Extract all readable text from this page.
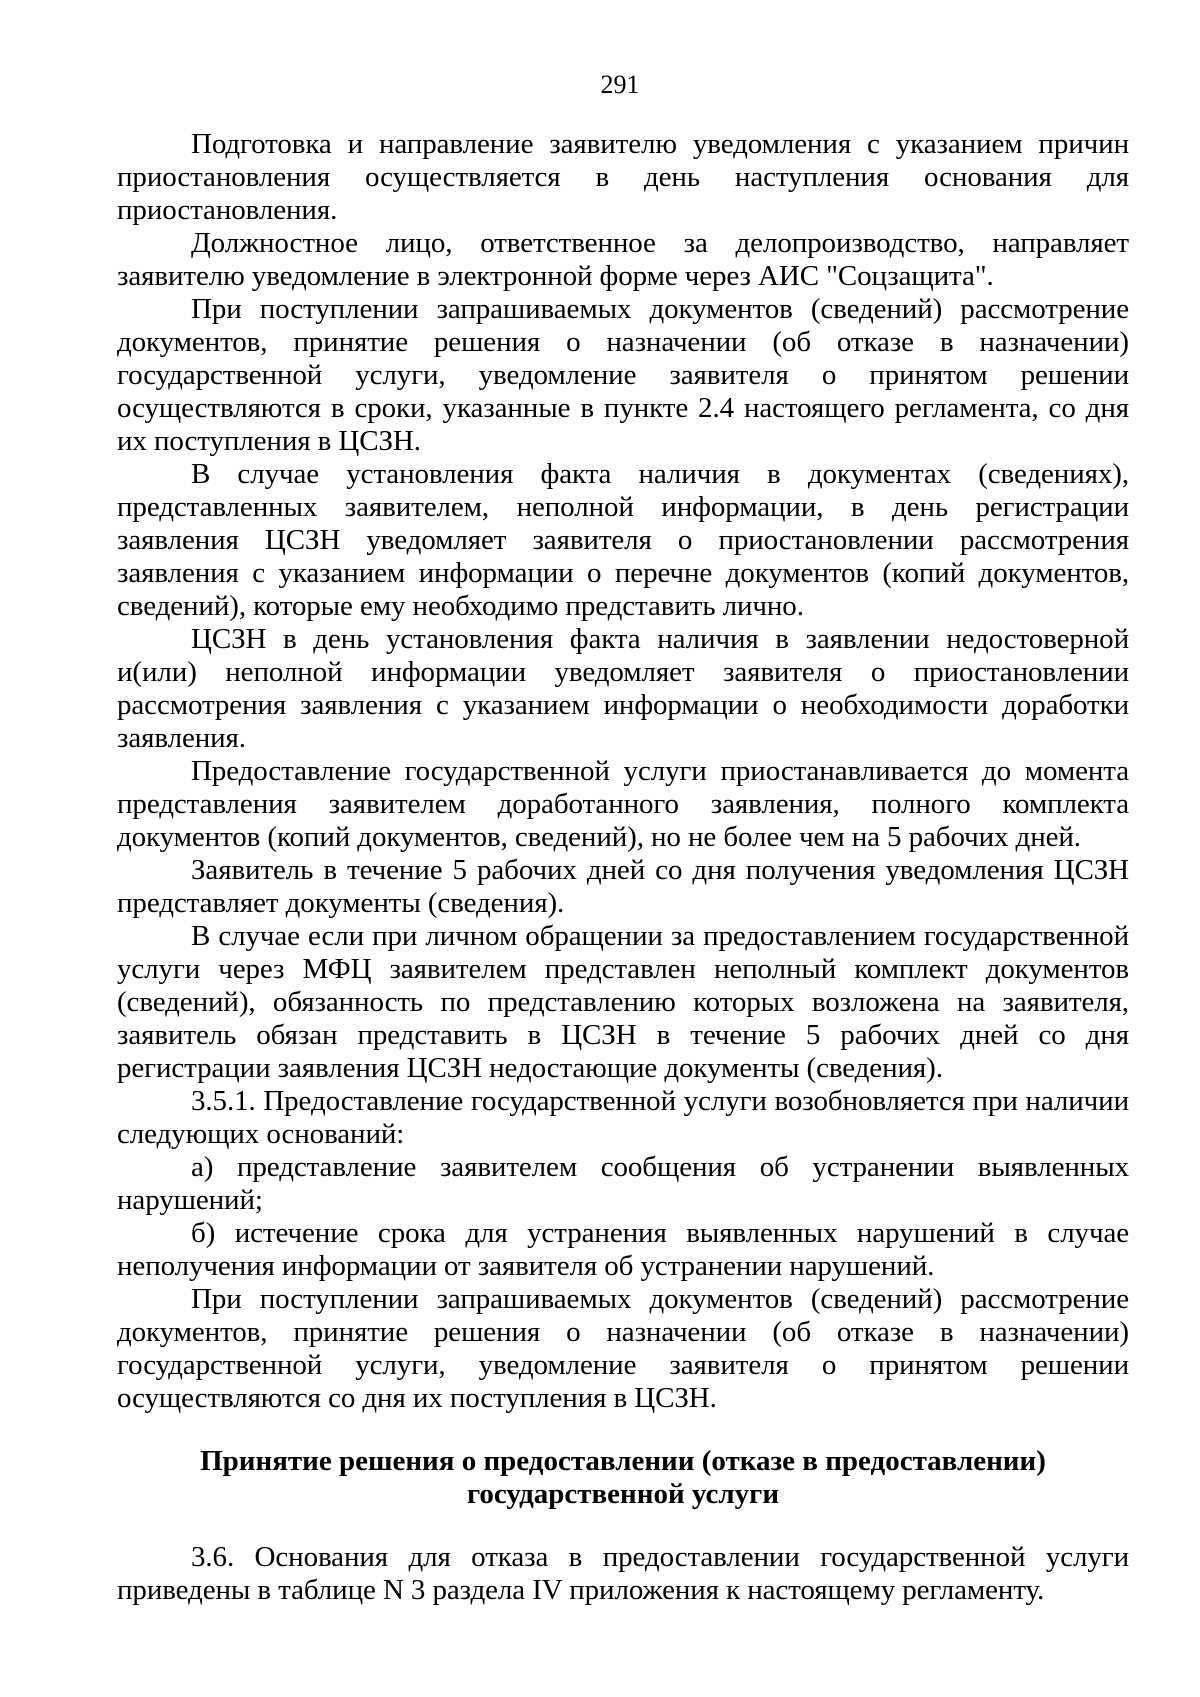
291

Подготовка и направление заявителю уведомления с указанием причин приостановления осуществляется в день наступления основания для приостановления.

Должностное лицо, ответственное за делопроизводство, направляет заявителю уведомление в электронной форме через АИС "Соцзащита".

При поступлении запрашиваемых документов (сведений) рассмотрение документов, принятие решения о назначении (об отказе в назначении) государственной услуги, уведомление заявителя о принятом решении осуществляются в сроки, указанные в пункте 2.4 настоящего регламента, со дня их поступления в ЦСЗН.

В случае установления факта наличия в документах (сведениях), представленных заявителем, неполной информации, в день регистрации заявления ЦСЗН уведомляет заявителя о приостановлении рассмотрения заявления с указанием информации о перечне документов (копий документов, сведений), которые ему необходимо представить лично.

ЦСЗН в день установления факта наличия в заявлении недостоверной и(или) неполной информации уведомляет заявителя о приостановлении рассмотрения заявления с указанием информации о необходимости доработки заявления.

Предоставление государственной услуги приостанавливается до момента представления заявителем доработанного заявления, полного комплекта документов (копий документов, сведений), но не более чем на 5 рабочих дней.

Заявитель в течение 5 рабочих дней со дня получения уведомления ЦСЗН представляет документы (сведения).

В случае если при личном обращении за предоставлением государственной услуги через МФЦ заявителем представлен неполный комплект документов (сведений), обязанность по представлению которых возложена на заявителя, заявитель обязан представить в ЦСЗН в течение 5 рабочих дней со дня регистрации заявления ЦСЗН недостающие документы (сведения).

3.5.1. Предоставление государственной услуги возобновляется при наличии следующих оснований:

а) представление заявителем сообщения об устранении выявленных нарушений;

б) истечение срока для устранения выявленных нарушений в случае неполучения информации от заявителя об устранении нарушений.

При поступлении запрашиваемых документов (сведений) рассмотрение документов, принятие решения о назначении (об отказе в назначении) государственной услуги, уведомление заявителя о принятом решении осуществляются со дня их поступления в ЦСЗН.

Принятие решения о предоставлении (отказе в предоставлении)
государственной услуги

3.6. Основания для отказа в предоставлении государственной услуги приведены в таблице N 3 раздела IV приложения к настоящему регламенту.
